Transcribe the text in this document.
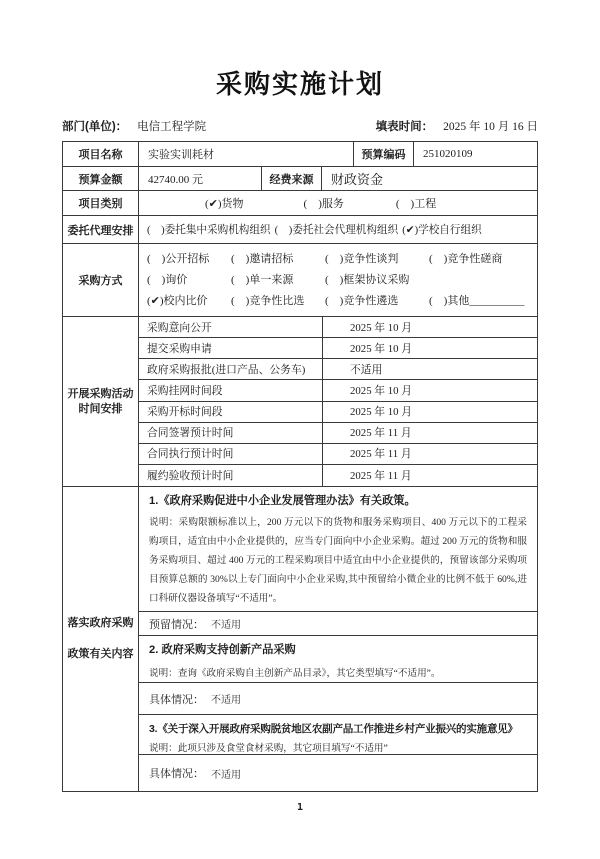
采购实施计划
部门(单位)： 电信工程学院	填表时间： 2025 年 10 月 16 日
项目名称	实验实训耗材	预算编码	251020109
预算金额	42740.00 元	经费来源	财政资金
项目类别	(✔)货物	(　)服务	(　)工程
委托代理安排	(　)委托集中采购机构组织 (　)委托社会代理机构组织 (✔)学校自行组织
采购方式
(　)公开招标	(　)邀请招标	(　)竞争性谈判	(　)竞争性磋商
(　)询价	(　)单一来源	(　)框架协议采购
(✔)校内比价	(　)竞争性比选	(　)竞争性遴选	(　)其他__________
开展采购活动
时间安排
采购意向公开	2025 年 10 月
提交采购申请	2025 年 10 月
政府采购报批(进口产品、公务车)	不适用
采购挂网时间段	2025 年 10 月
采购开标时间段	2025 年 10 月
合同签署预计时间	2025 年 11 月
合同执行预计时间	2025 年 11 月
履约验收预计时间	2025 年 11 月
落实政府采购
政策有关内容
1.《政府采购促进中小企业发展管理办法》有关政策。
说明：采购限额标准以上，200 万元以下的货物和服务采购项目、400 万元以下的工程采购项目，适宜由中小企业提供的，应当专门面向中小企业采购。超过 200 万元的货物和服务采购项目、超过 400 万元的工程采购项目中适宜由中小企业提供的，预留该部分采购项目预算总额的 30%以上专门面向中小企业采购,其中预留给小微企业的比例不低于 60%,进口科研仪器设备填写“不适用”。
预留情况： 不适用
2. 政府采购支持创新产品采购
说明：查询《政府采购自主创新产品目录》，其它类型填写“不适用”。
具体情况： 不适用
3.《关于深入开展政府采购脱贫地区农副产品工作推进乡村产业振兴的实施意见》
说明：此项只涉及食堂食材采购，其它项目填写“不适用”
具体情况： 不适用
1
